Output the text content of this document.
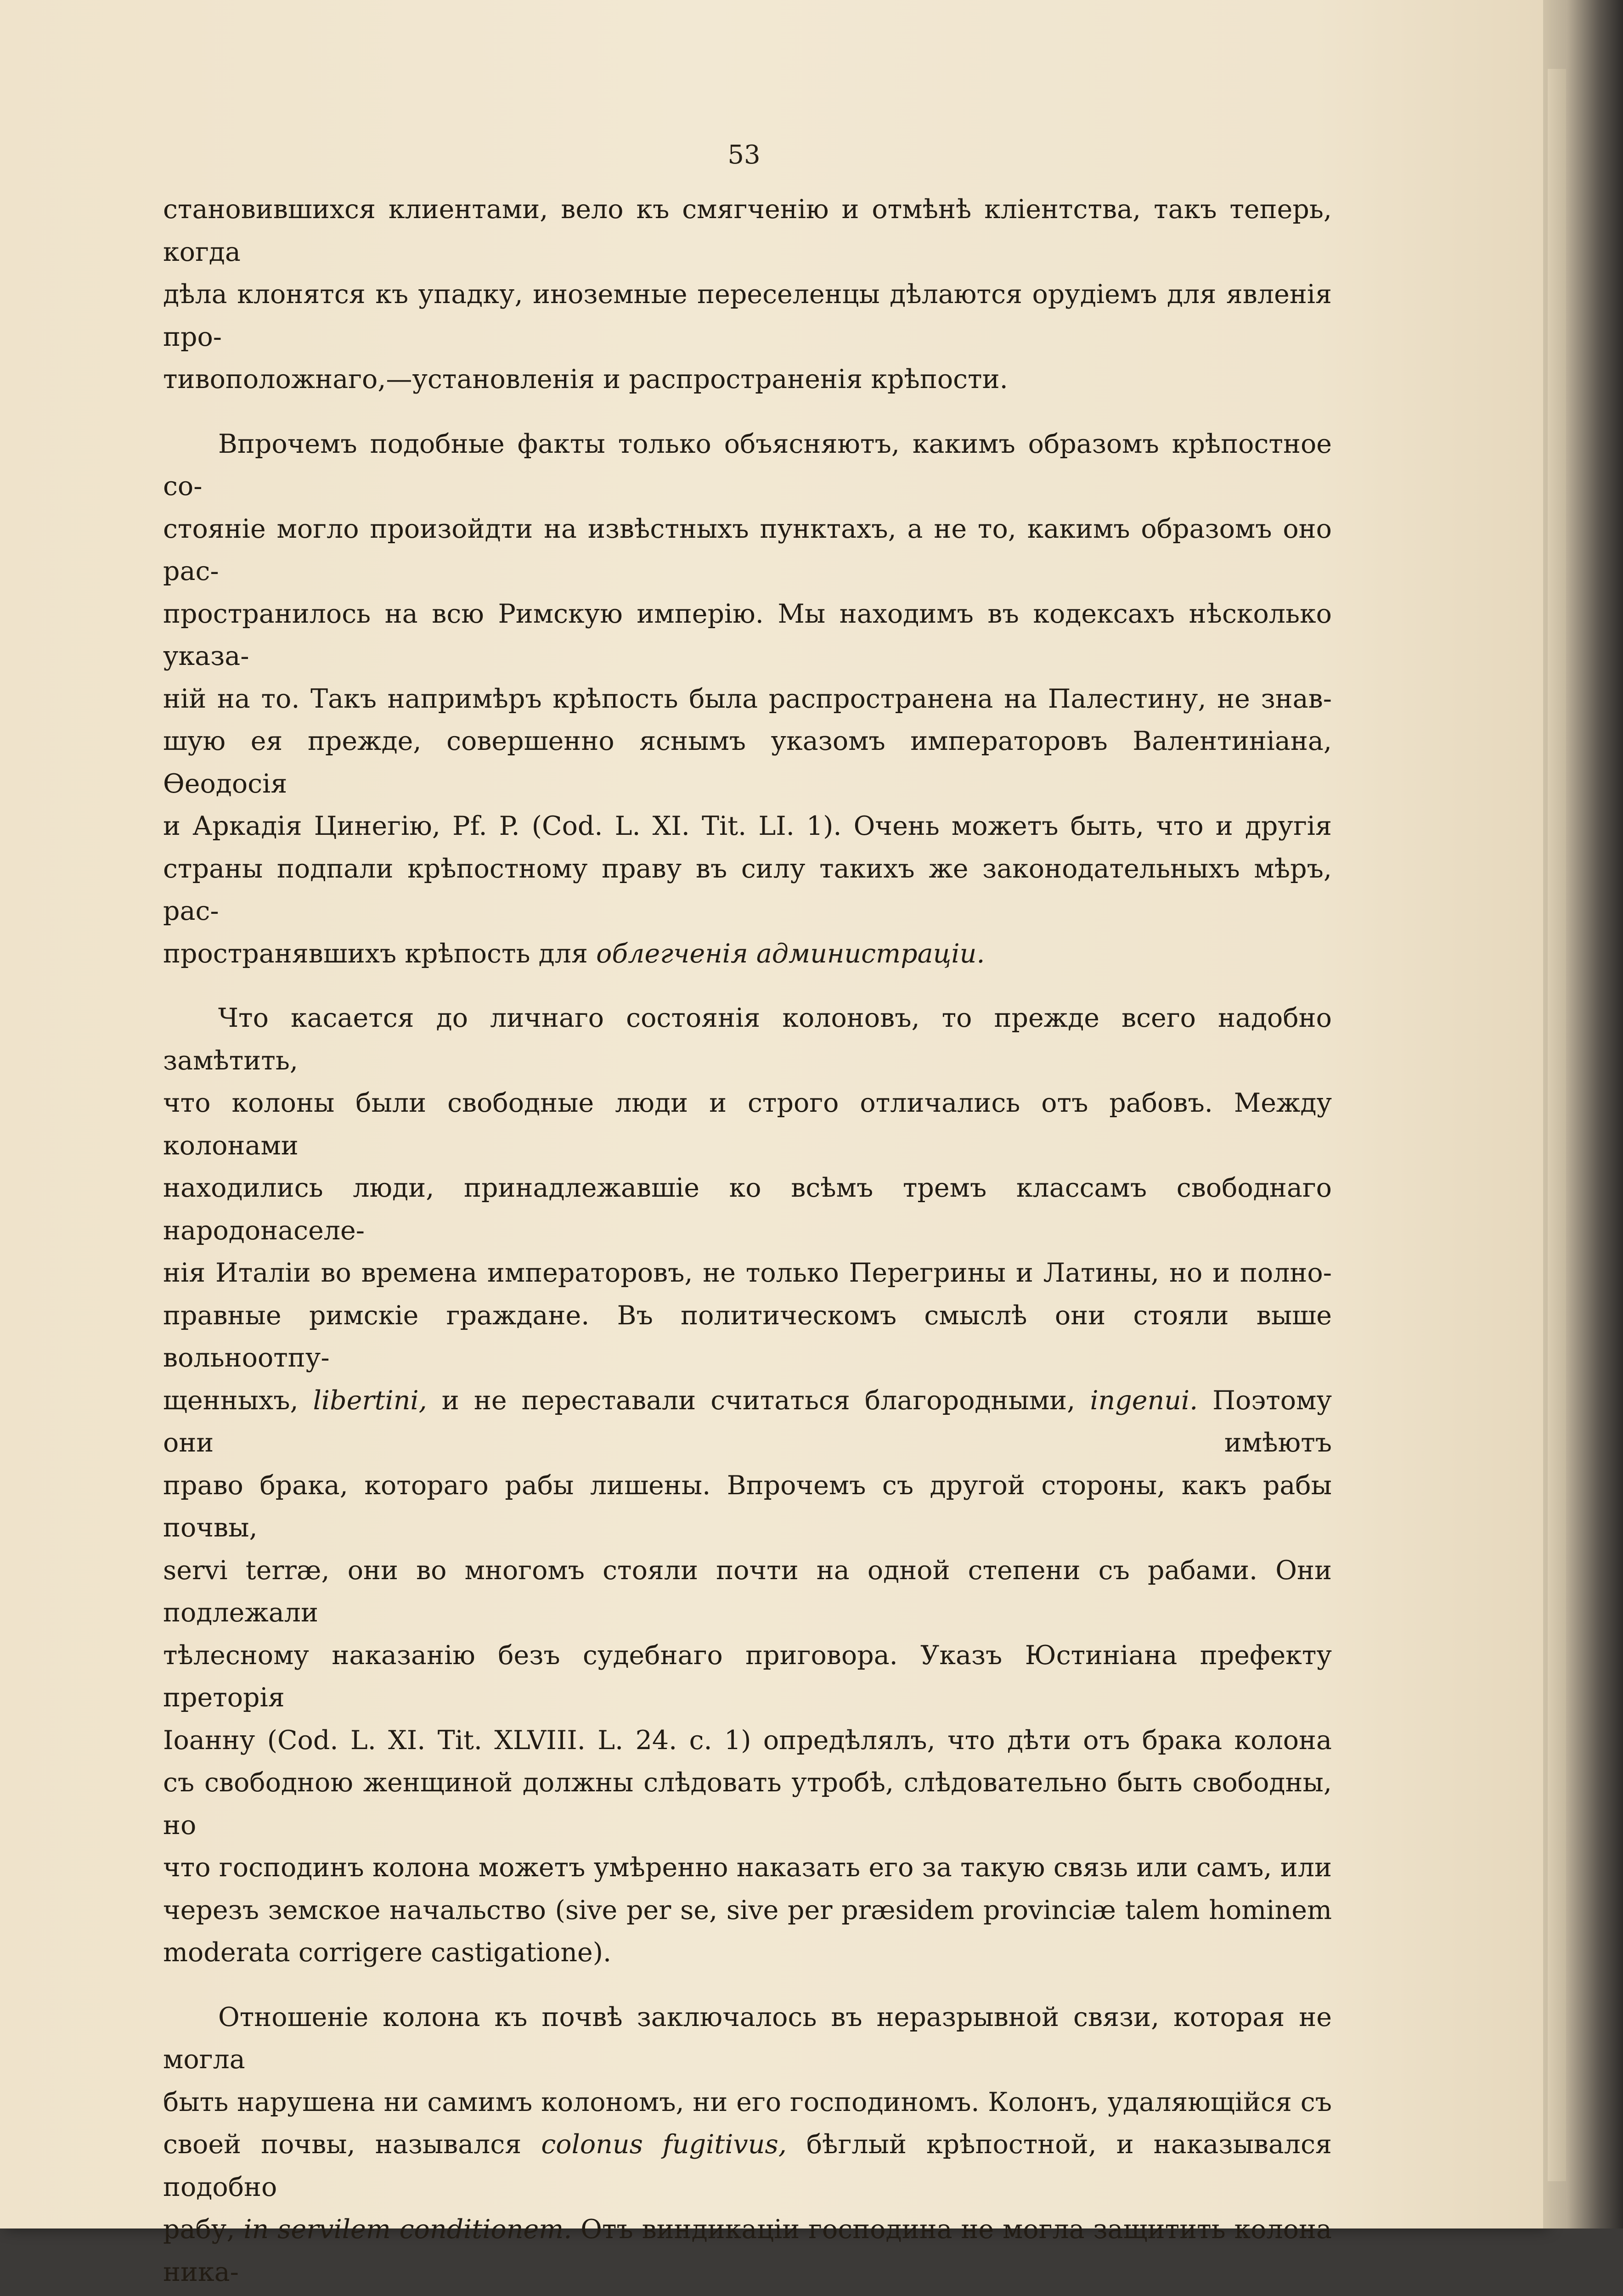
53

становившихся клиентами, вело къ смягченію и отмѣнѣ клiентства, такъ теперь, когда

дѣла клонятся къ упадку, иноземные переселенцы дѣлаются орудіемъ для явленія про-

тивоположнаго,—установленія и распространенія крѣпости.

Впрочемъ подобные факты только объясняютъ, какимъ образомъ крѣпостное со-

стояніе могло произойдти на извѣстныхъ пунктахъ, а не то, какимъ образомъ оно рас-

пространилось на всю Римскую имперію. Мы находимъ въ кодексахъ нѣсколько указа-

ній на то. Такъ напримѣръ крѣпость была распространена на Палестину, не знав-

шую ея прежде, совершенно яснымъ указомъ императоровъ Валентиніана, Ѳеодосія

и Аркадія Цинегію, Pf. P. (Cod. L. XI. Tit. LI. 1). Очень можетъ быть, что и другія

страны подпали крѣпостному праву въ силу такихъ же законодательныхъ мѣръ, рас-

пространявшихъ крѣпость для облегченія администраціи.

Что касается до личнаго состоянія колоновъ, то прежде всего надобно замѣтить,

что колоны были свободные люди и строго отличались отъ рабовъ. Между колонами

находились люди, принадлежавшіе ко всѣмъ тремъ классамъ свободнаго народонаселе-

нія Италіи во времена императоровъ, не только Перегрины и Латины, но и полно-

правные римскіе граждане. Въ политическомъ смыслѣ они стояли выше вольноотпу-

щенныхъ, libertini, и не переставали считаться благородными, ingenui. Поэтому они имѣютъ

право брака, котораго рабы лишены. Впрочемъ съ другой стороны, какъ рабы почвы,

servi terræ, они во многомъ стояли почти на одной степени съ рабами. Они подлежали

тѣлесному наказанію безъ судебнаго приговора. Указъ Юстиніана префекту преторія

Іоанну (Cod. L. XI. Tit. XLVIII. L. 24. c. 1) опредѣлялъ, что дѣти отъ брака колона

съ свободною женщиной должны слѣдовать утробѣ, слѣдовательно быть свободны, но

что господинъ колона можетъ умѣренно наказать его за такую связь или самъ, или

черезъ земское начальство (sive per se, sive per præsidem provinciæ talem hominem

moderata corrigere castigatione).

Отношеніе колона къ почвѣ заключалось въ неразрывной связи, которая не могла

быть нарушена ни самимъ колономъ, ни его господиномъ. Колонъ, удаляющійся съ

своей почвы, назывался colonus fugitivus, бѣглый крѣпостной, и наказывался подобно

рабу, in servilem conditionem. Отъ виндикаціи господина не могла защитить колона ника-
